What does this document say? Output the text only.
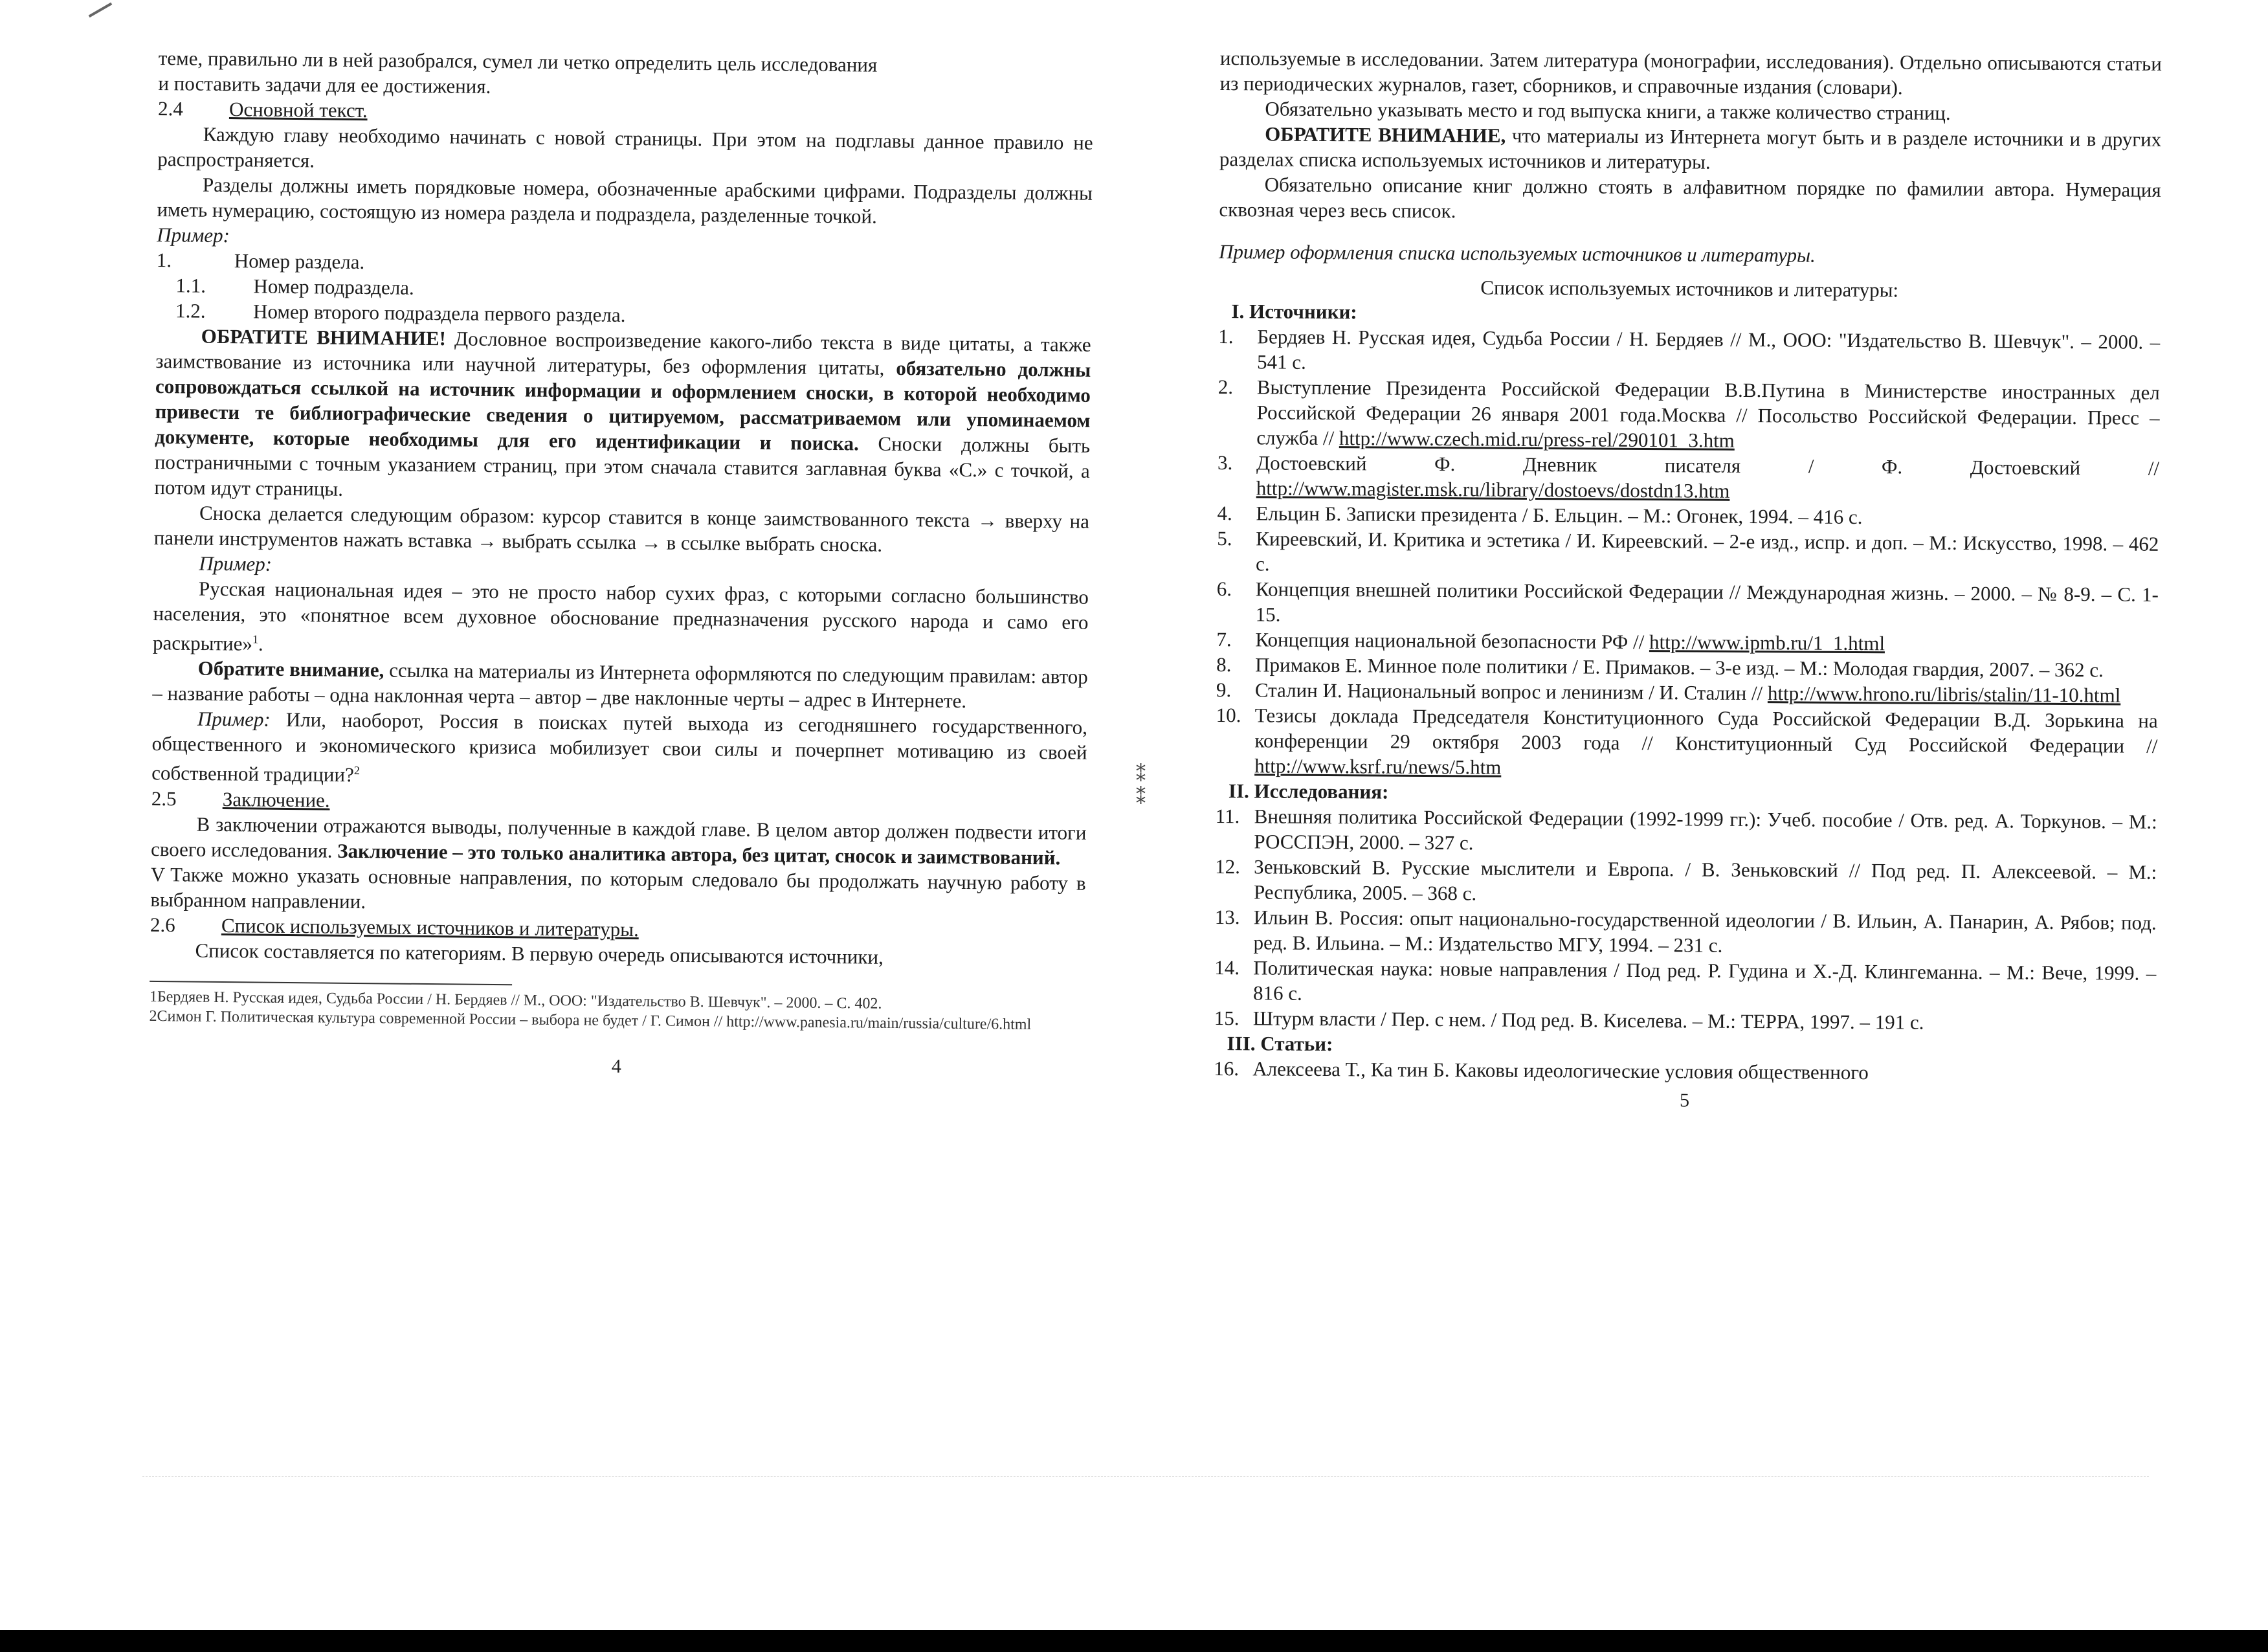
теме, правильно ли в ней разобрался, сумел ли четко определить цель исследования

и поставить задачи для ее достижения.

2.4	Основной текст.

Каждую главу необходимо начинать с новой страницы. При этом на подглавы данное правило не распространяется.

Разделы должны иметь порядковые номера, обозначенные арабскими цифрами. Подразделы должны иметь нумерацию, состоящую из номера раздела и подраздела, разделенные точкой.

Пример:

1.	Номер раздела.
1.1.	Номер подраздела.
1.2.	Номер второго подраздела первого раздела.

ОБРАТИТЕ ВНИМАНИЕ! Дословное воспроизведение какого-либо текста в виде цитаты, а также заимствование из источника или научной литературы, без оформления цитаты, обязательно должны сопровождаться ссылкой на источник информации и оформлением сноски, в которой необходимо привести те библиографические сведения о цитируемом, рассматриваемом или упоминаемом документе, которые необходимы для его идентификации и поиска. Сноски должны быть постраничными с точным указанием страниц, при этом сначала ставится заглавная буква «С.» с точкой, а потом идут страницы.

Сноска делается следующим образом: курсор ставится в конце заимствованного текста → вверху на панели инструментов нажать вставка → выбрать ссылка → в ссылке выбрать сноска.

Пример:

Русская национальная идея – это не просто набор сухих фраз, с которыми согласно большинство населения, это «понятное всем духовное обоснование предназначения русского народа и само его раскрытие»$^1$.

Обратите внимание, ссылка на материалы из Интернета оформляются по следующим правилам: автор – название работы – одна наклонная черта – автор – две наклонные черты – адрес в Интернете.

Пример: Или, наоборот, Россия в поисках путей выхода из сегодняшнего государственного, общественного и экономического кризиса мобилизует свои силы и почерпнет мотивацию из своей собственной традиции?$^2$

2.5	Заключение.

В заключении отражаются выводы, полученные в каждой главе. В целом автор должен подвести итоги своего исследования. Заключение – это только аналитика автора, без цитат, сносок и заимствований.

V Также можно указать основные направления, по которым следовало бы продолжать научную работу в выбранном направлении.

2.6	Список используемых источников и литературы.

Список составляется по категориям. В первую очередь описываются источники,

1Бердяев Н. Русская идея, Судьба России / Н. Бердяев // М., ООО: "Издательство В. Шевчук". – 2000. – С. 402.

2Симон Г. Политическая культура современной России – выбора не будет / Г. Симон // http://www.panesia.ru/main/russia/culture/6.html

4

⁑
⁑

используемые в исследовании. Затем литература (монографии, исследования). Отдельно описываются статьи из периодических журналов, газет, сборников, и справочные издания (словари).

Обязательно указывать место и год выпуска книги, а также количество страниц.

ОБРАТИТЕ ВНИМАНИЕ, что материалы из Интернета могут быть и в разделе источники и в других разделах списка используемых источников и литературы.

Обязательно описание книг должно стоять в алфавитном порядке по фамилии автора. Нумерация сквозная через весь список.

Пример оформления списка используемых источников и литературы.

Список используемых источников и литературы:

I. Источники:

1.	Бердяев Н. Русская идея, Судьба России / Н. Бердяев // М., ООО: "Издательство В. Шевчук". – 2000. – 541 с.
2.	Выступление Президента Российской Федерации В.В.Путина в Министерстве иностранных дел Российской Федерации 26 января 2001 года.Москва // Посольство Российской Федерации. Пресс – служба // http://www.czech.mid.ru/press-rel/290101_3.htm
3.	Достоевский Ф. Дневник писателя / Ф. Достоевский // http://www.magister.msk.ru/library/dostoevs/dostdn13.htm
4.	Ельцин Б. Записки президента / Б. Ельцин. – М.: Огонек, 1994. – 416 с.
5.	Киреевский, И. Критика и эстетика / И. Киреевский. – 2-е изд., испр. и доп. – М.: Искусство, 1998. – 462 с.
6.	Концепция внешней политики Российской Федерации // Международная жизнь. – 2000. – № 8-9. – С. 1-15.
7.	Концепция национальной безопасности РФ // http://www.ipmb.ru/1_1.html
8.	Примаков Е. Минное поле политики / Е. Примаков. – 3-е изд. – М.: Молодая гвардия, 2007. – 362 с.
9.	Сталин И. Национальный вопрос и ленинизм / И. Сталин // http://www.hrono.ru/libris/stalin/11-10.html
10. Тезисы доклада Председателя Конституционного Суда Российской Федерации В.Д. Зорькина на конференции 29 октября 2003 года // Конституционный Суд Российской Федерации // http://www.ksrf.ru/news/5.htm

II. Исследования:

11. Внешняя политика Российской Федерации (1992-1999 гг.): Учеб. пособие / Отв. ред. А. Торкунов. – М.: РОССПЭН, 2000. – 327 с.
12. Зеньковский В. Русские мыслители и Европа. / В. Зеньковский // Под ред. П. Алексеевой. – М.: Республика, 2005. – 368 с.
13. Ильин В. Россия: опыт национально-государственной идеологии / В. Ильин, А. Панарин, А. Рябов; под. ред. В. Ильина. – М.: Издательство МГУ, 1994. – 231 с.
14. Политическая наука: новые направления / Под ред. Р. Гудина и Х.-Д. Клингеманна. – М.: Вече, 1999. – 816 с.
15. Штурм власти / Пер. с нем. / Под ред. В. Киселева. – М.: ТЕРРА, 1997. – 191 с.

III. Статьи:

16. Алексеева Т., Ка тин Б. Каковы идеологические условия общественного

5
